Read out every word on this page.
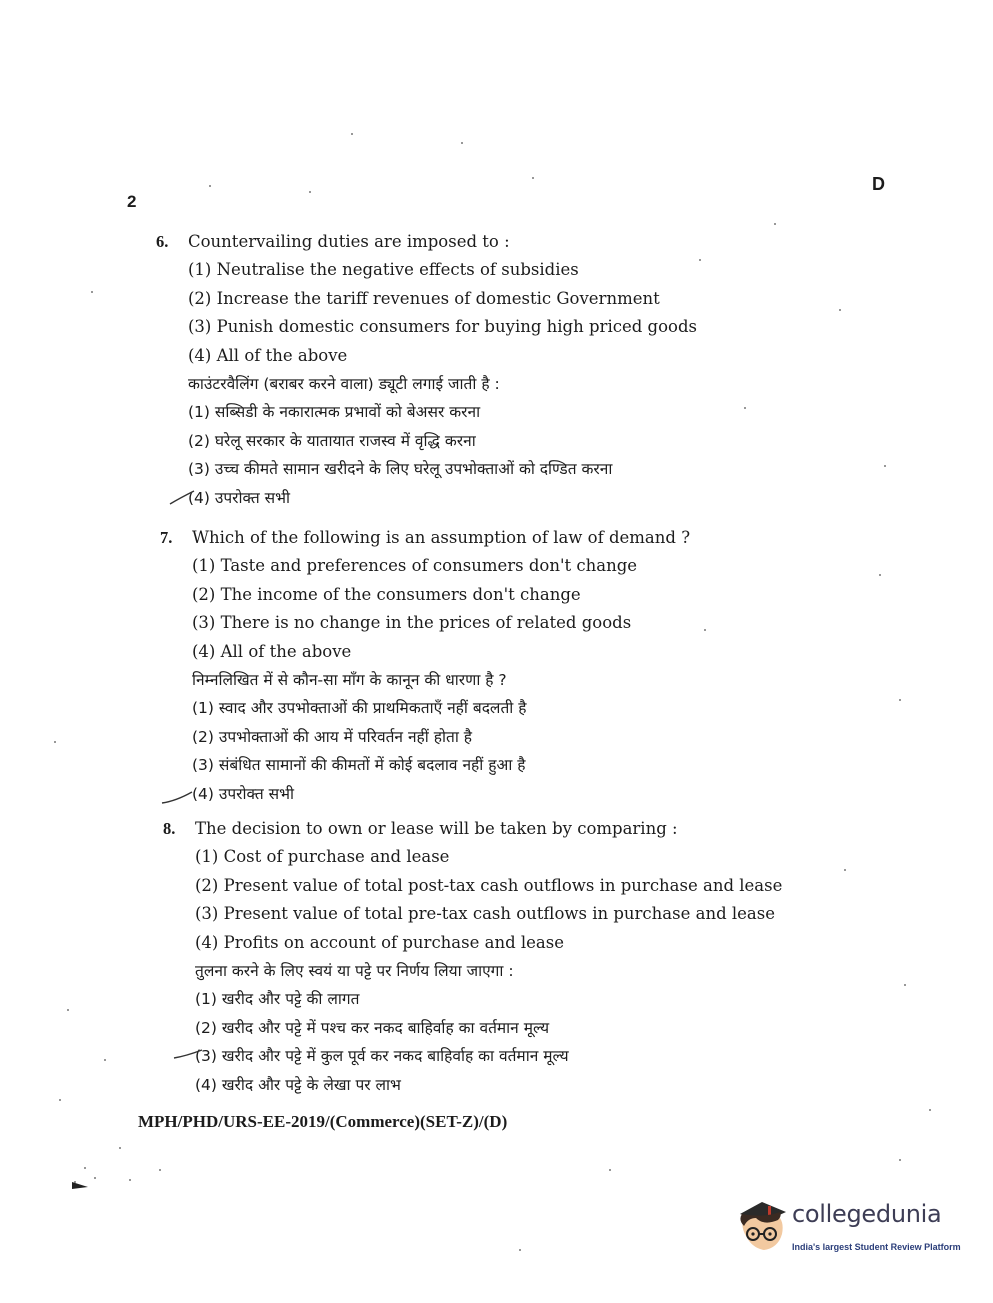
2
D
6. Countervailing duties are imposed to :
(1) Neutralise the negative effects of subsidies
(2) Increase the tariff revenues of domestic Government
(3) Punish domestic consumers for buying high priced goods
(4) All of the above
काउंटरवैलिंग (बराबर करने वाला) ड्यूटी लगाई जाती है :
(1) सब्सिडी के नकारात्मक प्रभावों को बेअसर करना
(2) घरेलू सरकार के यातायात राजस्व में वृद्धि करना
(3) उच्च कीमते सामान खरीदने के लिए घरेलू उपभोक्ताओं को दण्डित करना
(4) उपरोक्त सभी
7. Which of the following is an assumption of law of demand ?
(1) Taste and preferences of consumers don't change
(2) The income of the consumers don't change
(3) There is no change in the prices of related goods
(4) All of the above
निम्नलिखित में से कौन-सा माँग के कानून की धारणा है ?
(1) स्वाद और उपभोक्ताओं की प्राथमिकताएँ नहीं बदलती है
(2) उपभोक्ताओं की आय में परिवर्तन नहीं होता है
(3) संबंधित सामानों की कीमतों में कोई बदलाव नहीं हुआ है
(4) उपरोक्त सभी
8. The decision to own or lease will be taken by comparing :
(1) Cost of purchase and lease
(2) Present value of total post-tax cash outflows in purchase and lease
(3) Present value of total pre-tax cash outflows in purchase and lease
(4) Profits on account of purchase and lease
तुलना करने के लिए स्वयं या पट्टे पर निर्णय लिया जाएगा :
(1) खरीद और पट्टे की लागत
(2) खरीद और पट्टे में पश्च कर नकद बाहिर्वाह का वर्तमान मूल्य
(3) खरीद और पट्टे में कुल पूर्व कर नकद बाहिर्वाह का वर्तमान मूल्य
(4) खरीद और पट्टे के लेखा पर लाभ
MPH/PHD/URS-EE-2019/(Commerce)(SET-Z)/(D)
collegedunia
India's largest Student Review Platform
